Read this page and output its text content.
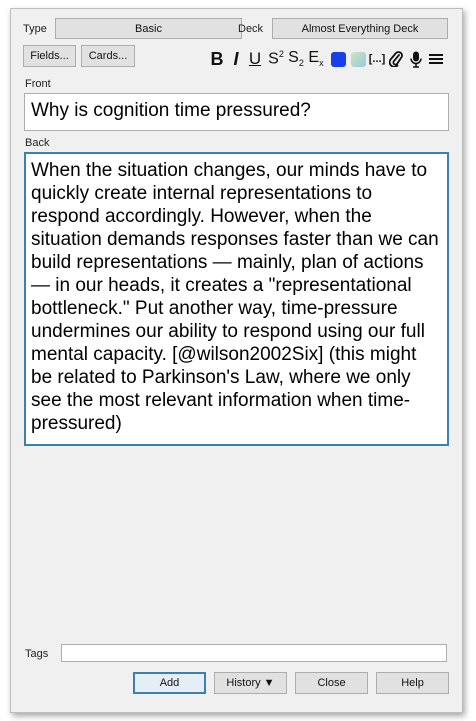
Type	Basic	Deck	Almost Everything Deck
Fields...	Cards...	B I U $S^2$ $S_2$ $E_x$	[...]
Front
Why is cognition time pressured?
Back
When the situation changes, our minds have to quickly create internal representations to respond accordingly. However, when the situation demands responses faster than we can build representations — mainly, plan of actions — in our heads, it creates a "representational bottleneck." Put another way, time-pressure undermines our ability to respond using our full mental capacity. [@wilson2002Six] (this might be related to Parkinson's Law, where we only see the most relevant information when time-pressured)
Tags
Add	History ▼	Close	Help
